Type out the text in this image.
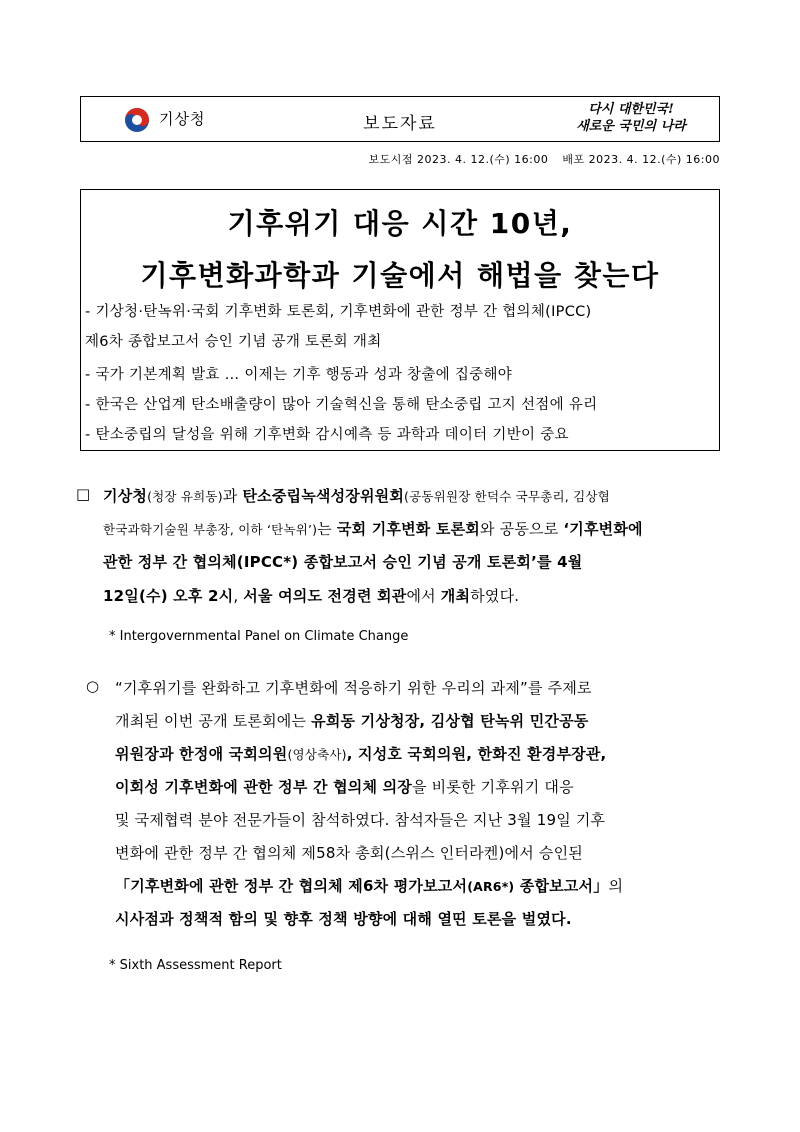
기상청	보도자료
다시 대한민국!
새로운 국민의 나라
보도시점 2023. 4. 12.(수) 16:00 배포 2023. 4. 12.(수) 16:00
기후위기 대응 시간 10년,
기후변화과학과 기술에서 해법을 찾는다
- 기상청·탄녹위·국회 기후변화 토론회, 기후변화에 관한 정부 간 협의체(IPCC)
제6차 종합보고서 승인 기념 공개 토론회 개최
- 국가 기본계획 발효 … 이제는 기후 행동과 성과 창출에 집중해야
- 한국은 산업계 탄소배출량이 많아 기술혁신을 통해 탄소중립 고지 선점에 유리
- 탄소중립의 달성을 위해 기후변화 감시예측 등 과학과 데이터 기반이 중요
□ 기상청(청장 유희동)과 탄소중립녹색성장위원회(공동위원장 한덕수 국무총리, 김상협
한국과학기술원 부총장, 이하 ‘탄녹위’)는 국회 기후변화 토론회와 공동으로 ‘기후변화에
관한 정부 간 협의체(IPCC*) 종합보고서 승인 기념 공개 토론회’를 4월
12일(수) 오후 2시, 서울 여의도 전경련 회관에서 개최하였다.
* Intergovernmental Panel on Climate Change
○ “기후위기를 완화하고 기후변화에 적응하기 위한 우리의 과제”를 주제로
개최된 이번 공개 토론회에는 유희동 기상청장, 김상협 탄녹위 민간공동
위원장과 한정애 국회의원(영상축사), 지성호 국회의원, 한화진 환경부장관,
이회성 기후변화에 관한 정부 간 협의체 의장을 비롯한 기후위기 대응
및 국제협력 분야 전문가들이 참석하였다. 참석자들은 지난 3월 19일 기후
변화에 관한 정부 간 협의체 제58차 총회(스위스 인터라켄)에서 승인된
「기후변화에 관한 정부 간 협의체 제6차 평가보고서(AR6*) 종합보고서」의
시사점과 정책적 함의 및 향후 정책 방향에 대해 열띤 토론을 벌였다.
* Sixth Assessment Report
